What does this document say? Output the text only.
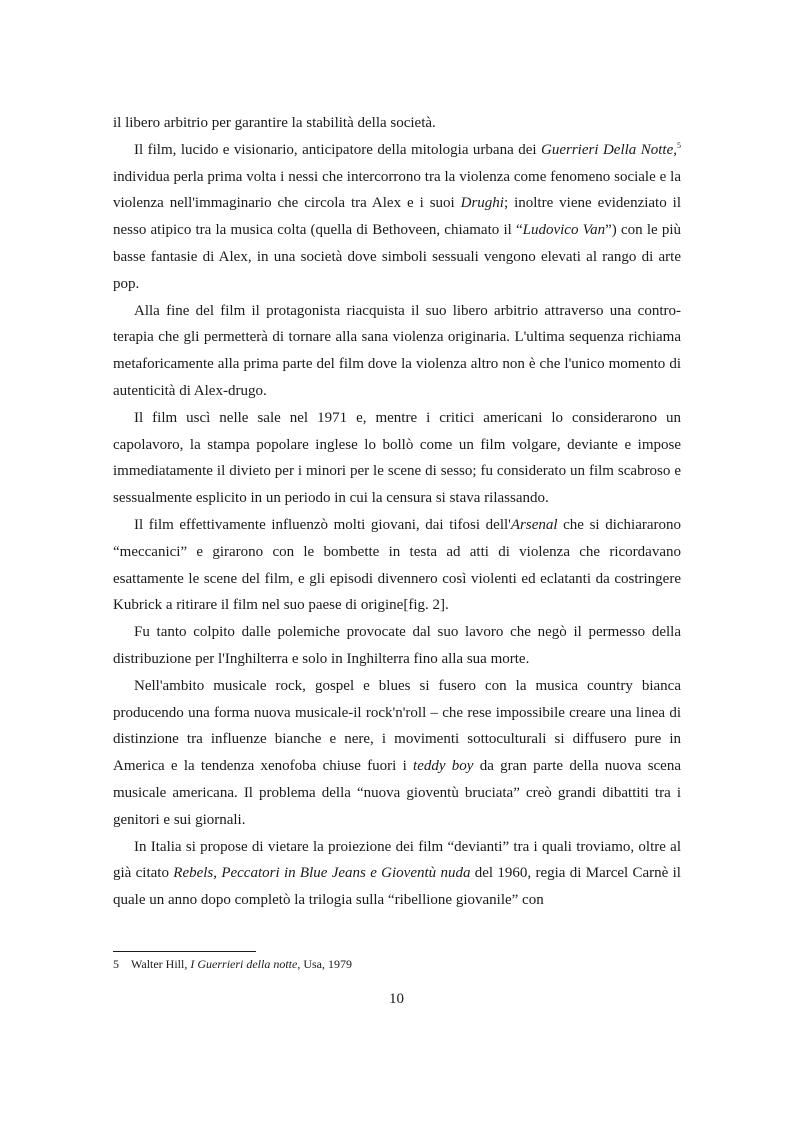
il libero arbitrio per garantire la stabilità della società.

Il film, lucido e visionario, anticipatore della mitologia urbana dei Guerrieri Della Notte,$^5$ individua perla prima volta i nessi che intercorrono tra la violenza come fenomeno sociale e la violenza nell'immaginario che circola tra Alex e i suoi Drughi; inoltre viene evidenziato il nesso atipico tra la musica colta (quella di Bethoveen, chiamato il “Ludovico Van”) con le più basse fantasie di Alex, in una società dove simboli sessuali vengono elevati al rango di arte pop.

Alla fine del film il protagonista riacquista il suo libero arbitrio attraverso una contro-terapia che gli permetterà di tornare alla sana violenza originaria. L'ultima sequenza richiama metaforicamente alla prima parte del film dove la violenza altro non è che l'unico momento di autenticità di Alex-drugo.

Il film uscì nelle sale nel 1971 e, mentre i critici americani lo considerarono un capolavoro, la stampa popolare inglese lo bollò come un film volgare, deviante e impose immediatamente il divieto per i minori per le scene di sesso; fu considerato un film scabroso e sessualmente esplicito in un periodo in cui la censura si stava rilassando.

Il film effettivamente influenzò molti giovani, dai tifosi dell'Arsenal che si dichiararono “meccanici” e girarono con le bombette in testa ad atti di violenza che ricordavano esattamente le scene del film, e gli episodi divennero così violenti ed eclatanti da costringere Kubrick a ritirare il film nel suo paese di origine[fig. 2].

Fu tanto colpito dalle polemiche provocate dal suo lavoro che negò il permesso della distribuzione per l'Inghilterra e solo in Inghilterra fino alla sua morte.

Nell'ambito musicale rock, gospel e blues si fusero con la musica country bianca producendo una forma nuova musicale-il rock'n'roll – che rese impossibile creare una linea di distinzione tra influenze bianche e nere, i movimenti sottoculturali si diffusero pure in America e la tendenza xenofoba chiuse fuori i teddy boy da gran parte della nuova scena musicale americana. Il problema della “nuova gioventù bruciata” creò grandi dibattiti tra i genitori e sui giornali.

In Italia si propose di vietare la proiezione dei film “devianti” tra i quali troviamo, oltre al già citato Rebels, Peccatori in Blue Jeans e Gioventù nuda del 1960, regia di Marcel Carnè il quale un anno dopo completò la trilogia sulla “ribellione giovanile” con

5 Walter Hill, I Guerrieri della notte, Usa, 1979
10
